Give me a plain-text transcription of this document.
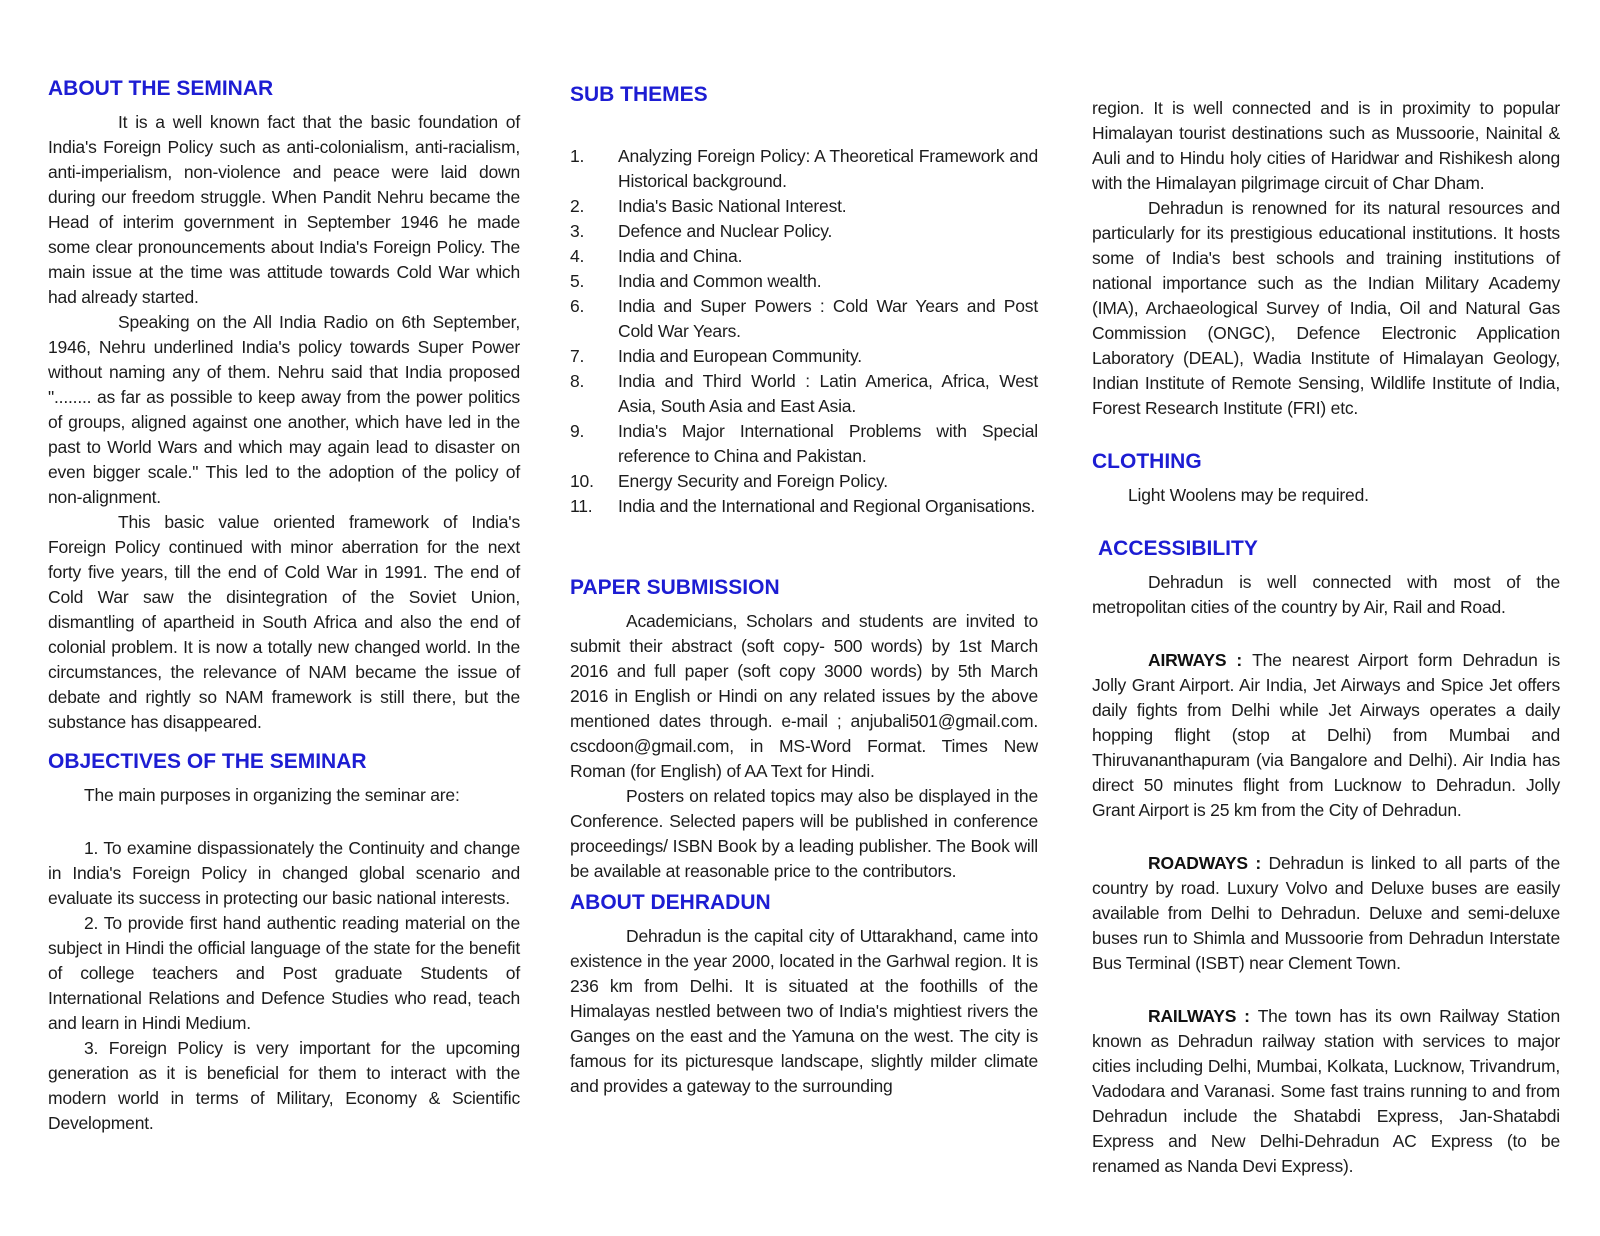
ABOUT THE SEMINAR

It is a well known fact that the basic foundation of India's Foreign Policy such as anti-colonialism, anti-racialism, anti-imperialism, non-violence and peace were laid down during our freedom struggle. When Pandit Nehru became the Head of interim government in September 1946 he made some clear pronouncements about India's Foreign Policy. The main issue at the time was attitude towards Cold War which had already started.

Speaking on the All India Radio on 6th September, 1946, Nehru underlined India's policy towards Super Power without naming any of them. Nehru said that India proposed "........ as far as possible to keep away from the power politics of groups, aligned against one another, which have led in the past to World Wars and which may again lead to disaster on even bigger scale." This led to the adoption of the policy of non-alignment.

This basic value oriented framework of India's Foreign Policy continued with minor aberration for the next forty five years, till the end of Cold War in 1991. The end of Cold War saw the disintegration of the Soviet Union, dismantling of apartheid in South Africa and also the end of colonial problem. It is now a totally new changed world. In the circumstances, the relevance of NAM became the issue of debate and rightly so NAM framework is still there, but the substance has disappeared.

OBJECTIVES OF THE SEMINAR

The main purposes in organizing the seminar are:

1. To examine dispassionately the Continuity and change in India's Foreign Policy in changed global scenario and evaluate its success in protecting our basic national interests.

2. To provide first hand authentic reading material on the subject in Hindi the official language of the state for the benefit of college teachers and Post graduate Students of International Relations and Defence Studies who read, teach and learn in Hindi Medium.

3. Foreign Policy is very important for the upcoming generation as it is beneficial for them to interact with the modern world in terms of Military, Economy & Scientific Development.

SUB THEMES
1.	Analyzing Foreign Policy: A Theoretical Framework and Historical background.
2.	India's Basic National Interest.
3.	Defence and Nuclear Policy.
4.	India and China.
5.	India and Common wealth.
6.	India and Super Powers : Cold War Years and Post Cold War Years.
7.	India and European Community.
8.	India and Third World : Latin America, Africa, West Asia, South Asia and East Asia.
9.	India's Major International Problems with Special reference to China and Pakistan.
10.	Energy Security and Foreign Policy.
11.	India and the International and Regional Organisations.
PAPER SUBMISSION

Academicians, Scholars and students are invited to submit their abstract (soft copy- 500 words) by 1st March 2016 and full paper (soft copy 3000 words) by 5th March 2016 in English or Hindi on any related issues by the above mentioned dates through. e-mail ; anjubali501@gmail.com. cscdoon@gmail.com, in MS-Word Format. Times New Roman (for English) of AA Text for Hindi.

Posters on related topics may also be displayed in the Conference. Selected papers will be published in conference proceedings/ ISBN Book by a leading publisher. The Book will be available at reasonable price to the contributors.

ABOUT DEHRADUN

Dehradun is the capital city of Uttarakhand, came into existence in the year 2000, located in the Garhwal region. It is 236 km from Delhi. It is situated at the foothills of the Himalayas nestled between two of India's mightiest rivers the Ganges on the east and the Yamuna on the west. The city is famous for its picturesque landscape, slightly milder climate and provides a gateway to the surrounding

region. It is well connected and is in proximity to popular Himalayan tourist destinations such as Mussoorie, Nainital & Auli and to Hindu holy cities of Haridwar and Rishikesh along with the Himalayan pilgrimage circuit of Char Dham.

Dehradun is renowned for its natural resources and particularly for its prestigious educational institutions. It hosts some of India's best schools and training institutions of national importance such as the Indian Military Academy (IMA), Archaeological Survey of India, Oil and Natural Gas Commission (ONGC), Defence Electronic Application Laboratory (DEAL), Wadia Institute of Himalayan Geology, Indian Institute of Remote Sensing, Wildlife Institute of India, Forest Research Institute (FRI) etc.

CLOTHING

Light Woolens may be required.

ACCESSIBILITY

Dehradun is well connected with most of the metropolitan cities of the country by Air, Rail and Road.

AIRWAYS : The nearest Airport form Dehradun is Jolly Grant Airport. Air India, Jet Airways and Spice Jet offers daily fights from Delhi while Jet Airways operates a daily hopping flight (stop at Delhi) from Mumbai and Thiruvananthapuram (via Bangalore and Delhi). Air India has direct 50 minutes flight from Lucknow to Dehradun. Jolly Grant Airport is 25 km from the City of Dehradun.

ROADWAYS : Dehradun is linked to all parts of the country by road. Luxury Volvo and Deluxe buses are easily available from Delhi to Dehradun. Deluxe and semi-deluxe buses run to Shimla and Mussoorie from Dehradun Interstate Bus Terminal (ISBT) near Clement Town.

RAILWAYS : The town has its own Railway Station known as Dehradun railway station with services to major cities including Delhi, Mumbai, Kolkata, Lucknow, Trivandrum, Vadodara and Varanasi. Some fast trains running to and from Dehradun include the Shatabdi Express, Jan-Shatabdi Express and New Delhi-Dehradun AC Express (to be renamed as Nanda Devi Express).
